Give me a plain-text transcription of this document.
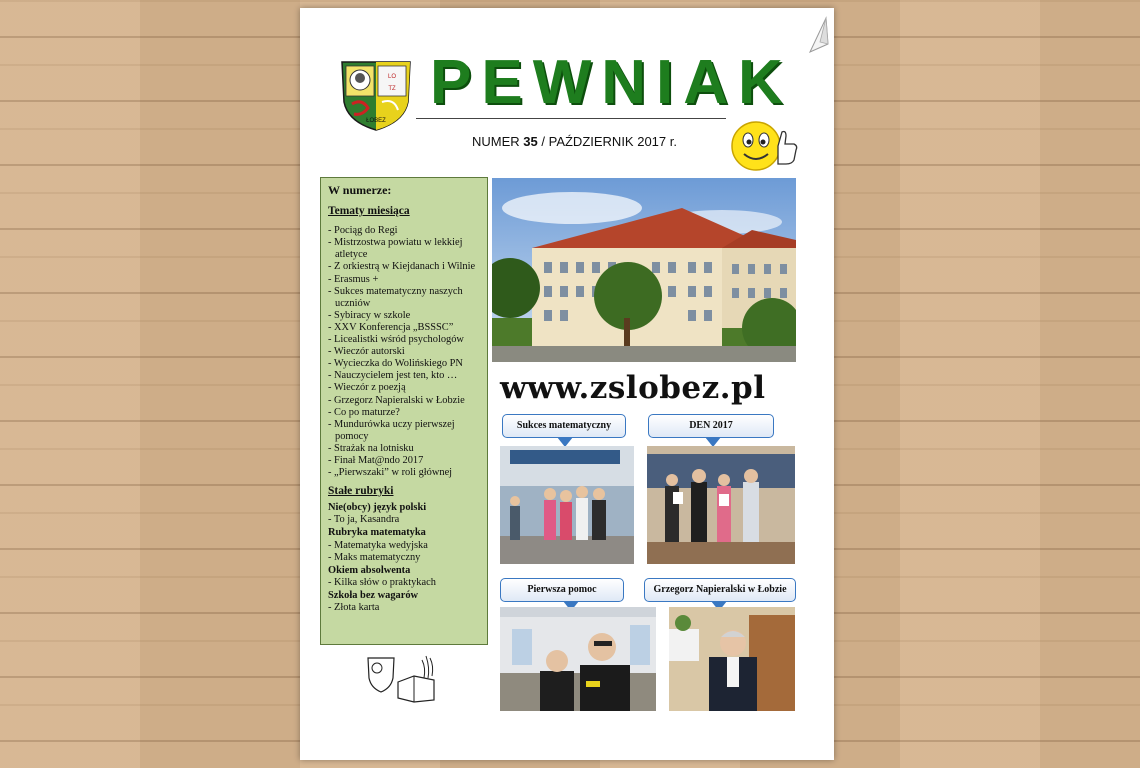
LO
TZ
ŁOBEZ
PEWNIAK
NUMER 35 / PAŹDZIERNIK 2017 r.
W numerze:
Tematy miesiąca
- Pociąg do Regi
- Mistrzostwa powiatu w lekkiej atletyce
- Z orkiestrą w Kiejdanach i Wilnie
- Erasmus +
- Sukces matematyczny naszych uczniów
- Sybiracy w szkole
- XXV Konferencja „BSSSC”
- Licealistki wśród psychologów
- Wieczór autorski
- Wycieczka do Wolińskiego PN
- Nauczycielem jest ten, kto …
- Wieczór z poezją
- Grzegorz Napieralski w Łobzie
- Co po maturze?
- Mundurówka uczy pierwszej pomocy
- Strażak na lotnisku
- Finał Mat@ndo 2017
- „Pierwszaki” w roli głównej
Stałe rubryki
Nie(obcy) język polski
- To ja, Kasandra
Rubryka matematyka
- Matematyka wedyjska
- Maks matematyczny
Okiem absolwenta
- Kilka słów o praktykach
Szkoła bez wagarów
- Złota karta
www.zslobez.pl
Sukces matematyczny	DEN 2017
Pierwsza pomoc	Grzegorz Napieralski w Łobzie
